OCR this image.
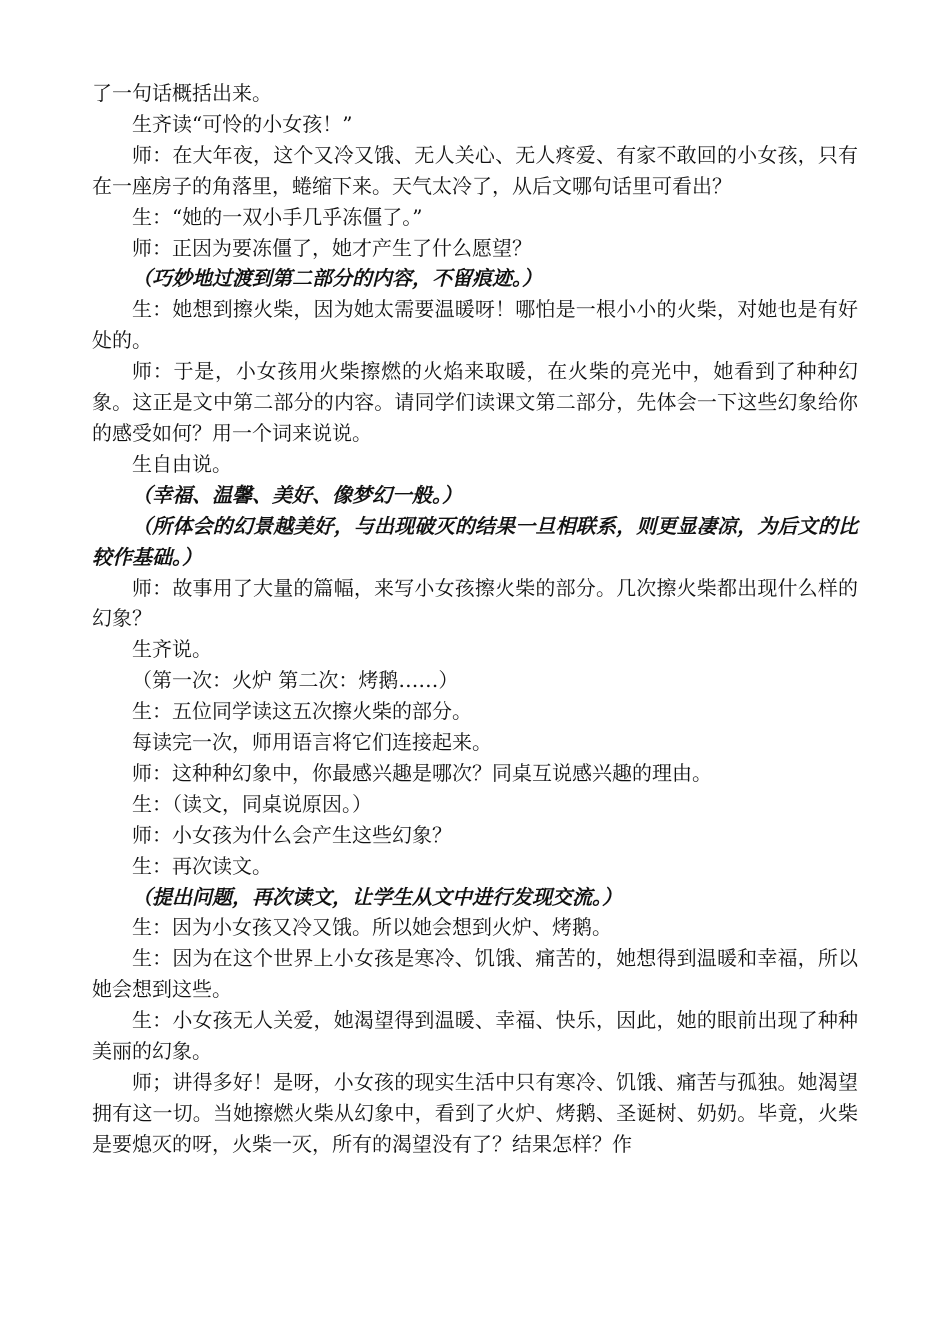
了一句话概括出来。

生齐读“可怜的小女孩！”

师：在大年夜，这个又冷又饿、无人关心、无人疼爱、有家不敢回的小女孩，只有在一座房子的角落里，蜷缩下来。天气太冷了，从后文哪句话里可看出？

生：“她的一双小手几乎冻僵了。”

师：正因为要冻僵了，她才产生了什么愿望？

（巧妙地过渡到第二部分的内容，不留痕迹。）

生：她想到擦火柴，因为她太需要温暖呀！哪怕是一根小小的火柴，对她也是有好处的。

师：于是，小女孩用火柴擦燃的火焰来取暖，在火柴的亮光中，她看到了种种幻象。这正是文中第二部分的内容。请同学们读课文第二部分，先体会一下这些幻象给你的感受如何？用一个词来说说。

生自由说。

（幸福、温馨、美好、像梦幻一般。）

（所体会的幻景越美好，与出现破灭的结果一旦相联系，则更显凄凉，为后文的比较作基础。）

师：故事用了大量的篇幅，来写小女孩擦火柴的部分。几次擦火柴都出现什么样的幻象？

生齐说。

（第一次：火炉 第二次：烤鹅……）

生：五位同学读这五次擦火柴的部分。

每读完一次，师用语言将它们连接起来。

师：这种种幻象中，你最感兴趣是哪次？同桌互说感兴趣的理由。

生：（读文，同桌说原因。）

师：小女孩为什么会产生这些幻象？

生：再次读文。

（提出问题，再次读文，让学生从文中进行发现交流。）

生：因为小女孩又冷又饿。所以她会想到火炉、烤鹅。

生：因为在这个世界上小女孩是寒冷、饥饿、痛苦的，她想得到温暖和幸福，所以她会想到这些。

生：小女孩无人关爱，她渴望得到温暖、幸福、快乐，因此，她的眼前出现了种种美丽的幻象。

师；讲得多好！是呀，小女孩的现实生活中只有寒冷、饥饿、痛苦与孤独。她渴望拥有这一切。当她擦燃火柴从幻象中，看到了火炉、烤鹅、圣诞树、奶奶。毕竟，火柴是要熄灭的呀，火柴一灭，所有的渴望没有了？结果怎样？作
